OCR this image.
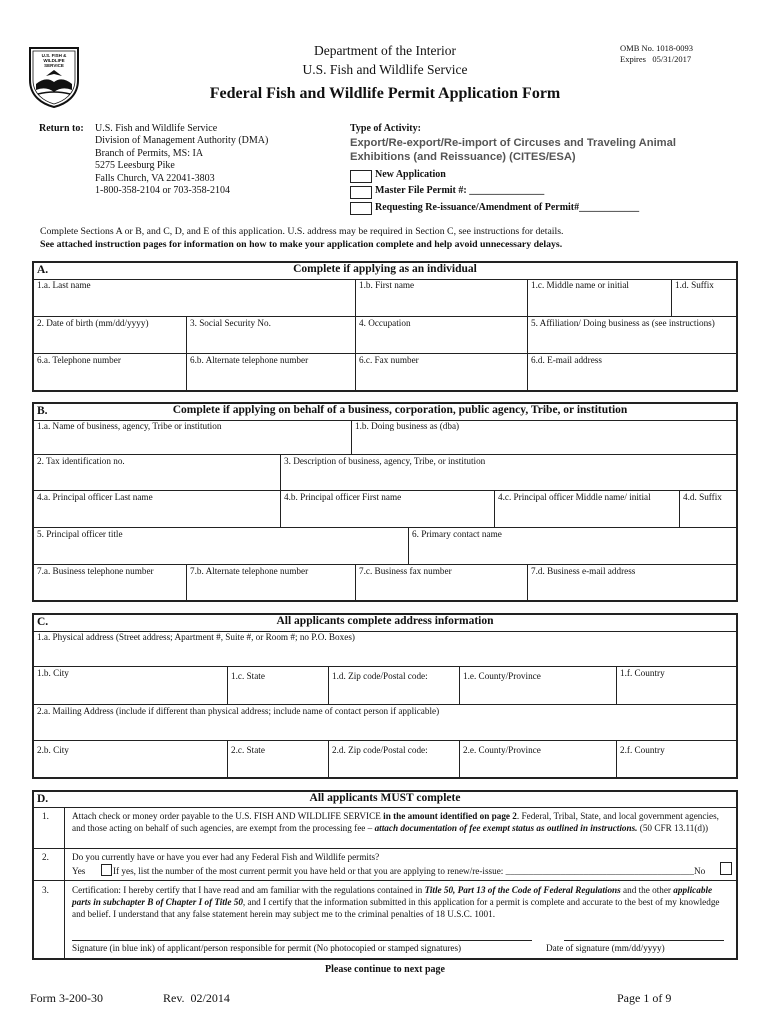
U.S. FISH & WILDLIFE SERVICE
Department of the Interior
U.S. Fish and Wildlife Service
OMB No. 1018-0093
Expires   05/31/2017
Federal Fish and Wildlife Permit Application Form
Return to: U.S. Fish and Wildlife Service
Division of Management Authority (DMA)
Branch of Permits, MS: IA
5275 Leesburg Pike
Falls Church, VA 22041-3803
1-800-358-2104 or 703-358-2104
Type of Activity:
Export/Re-export/Re-import of Circuses and Traveling Animal Exhibitions (and Reissuance) (CITES/ESA)
New Application
Master File Permit #: _______________
Requesting Re-issuance/Amendment of Permit#____________
Complete Sections A or B, and C, D, and E of this application. U.S. address may be required in Section C, see instructions for details.
See attached instruction pages for information on how to make your application complete and help avoid unnecessary delays.
A.	Complete if applying as an individual
1.a. Last name	1.b. First name	1.c. Middle name or initial	1.d. Suffix
2. Date of birth (mm/dd/yyyy)	3. Social Security No.	4. Occupation	5. Affiliation/ Doing business as (see instructions)
6.a. Telephone number	6.b. Alternate telephone number	6.c. Fax number	6.d. E-mail address
B.	Complete if applying on behalf of a business, corporation, public agency, Tribe, or institution
1.a. Name of business, agency, Tribe or institution	1.b. Doing business as (dba)
2. Tax identification no.	3. Description of business, agency, Tribe, or institution
4.a. Principal officer Last name	4.b. Principal officer First name	4.c. Principal officer Middle name/ initial	4.d. Suffix
5. Principal officer title	6. Primary contact name
7.a. Business telephone number	7.b. Alternate telephone number	7.c. Business fax number	7.d. Business e-mail address
C.	All applicants complete address information
1.a. Physical address (Street address; Apartment #, Suite #, or Room #; no P.O. Boxes)
1.b. City	1.c. State	1.d. Zip code/Postal code:	1.e. County/Province	1.f. Country
2.a. Mailing Address (include if different than physical address; include name of contact person if applicable)
2.b. City	2.c. State	2.d. Zip code/Postal code:	2.e. County/Province	2.f. Country
D.	All applicants MUST complete
1.	Attach check or money order payable to the U.S. FISH AND WILDLIFE SERVICE in the amount identified on page 2. Federal, Tribal, State, and local government agencies, and those acting on behalf of such agencies, are exempt from the processing fee – attach documentation of fee exempt status as outlined in instructions. (50 CFR 13.11(d))
2.	Do you currently have or have you ever had any Federal Fish and Wildlife permits?
Yes	If yes, list the number of the most current permit you have held or that you are applying to renew/re-issue: _________________________________________No
3.	Certification: I hereby certify that I have read and am familiar with the regulations contained in Title 50, Part 13 of the Code of Federal Regulations and the other applicable parts in subchapter B of Chapter I of Title 50, and I certify that the information submitted in this application for a permit is complete and accurate to the best of my knowledge and belief. I understand that any false statement herein may subject me to the criminal penalties of 18 U.S.C. 1001.
Signature (in blue ink) of applicant/person responsible for permit (No photocopied or stamped signatures)	Date of signature (mm/dd/yyyy)
Please continue to next page
Form 3-200-30	Rev.  02/2014	Page 1 of 9
